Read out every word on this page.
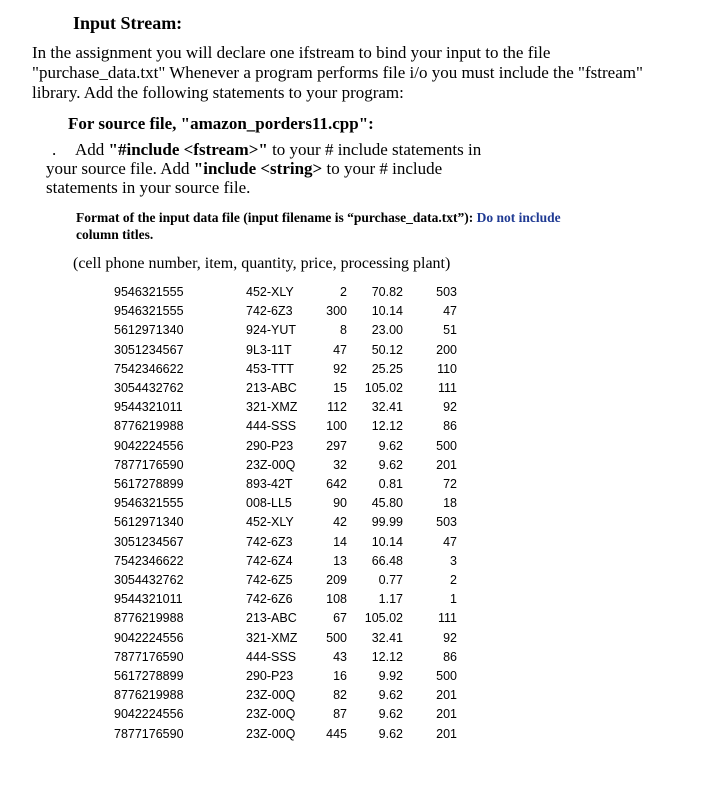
Input Stream:
In the assignment you will declare one ifstream to bind your input to the file
"purchase_data.txt" Whenever a program performs file i/o you must include the "fstream"
library. Add the following statements to your program:
For source file, "amazon_porders11.cpp":
. Add "#include <fstream>" to your # include statements in
your source file. Add "include <string> to your # include
statements in your source file.
Format of the input data file (input filename is “purchase_data.txt”): Do not include
column titles.
(cell phone number, item, quantity, price, processing plant)
9546321555	452-XLY	2	70.82	503
9546321555	742-6Z3	300	10.14	47
5612971340	924-YUT	8	23.00	51
3051234567	9L3-11T	47	50.12	200
7542346622	453-TTT	92	25.25	110
3054432762	213-ABC	15	105.02	111
9544321011	321-XMZ	112	32.41	92
8776219988	444-SSS	100	12.12	86
9042224556	290-P23	297	9.62	500
7877176590	23Z-00Q	32	9.62	201
5617278899	893-42T	642	0.81	72
9546321555	008-LL5	90	45.80	18
5612971340	452-XLY	42	99.99	503
3051234567	742-6Z3	14	10.14	47
7542346622	742-6Z4	13	66.48	3
3054432762	742-6Z5	209	0.77	2
9544321011	742-6Z6	108	1.17	1
8776219988	213-ABC	67	105.02	111
9042224556	321-XMZ	500	32.41	92
7877176590	444-SSS	43	12.12	86
5617278899	290-P23	16	9.92	500
8776219988	23Z-00Q	82	9.62	201
9042224556	23Z-00Q	87	9.62	201
7877176590	23Z-00Q	445	9.62	201
